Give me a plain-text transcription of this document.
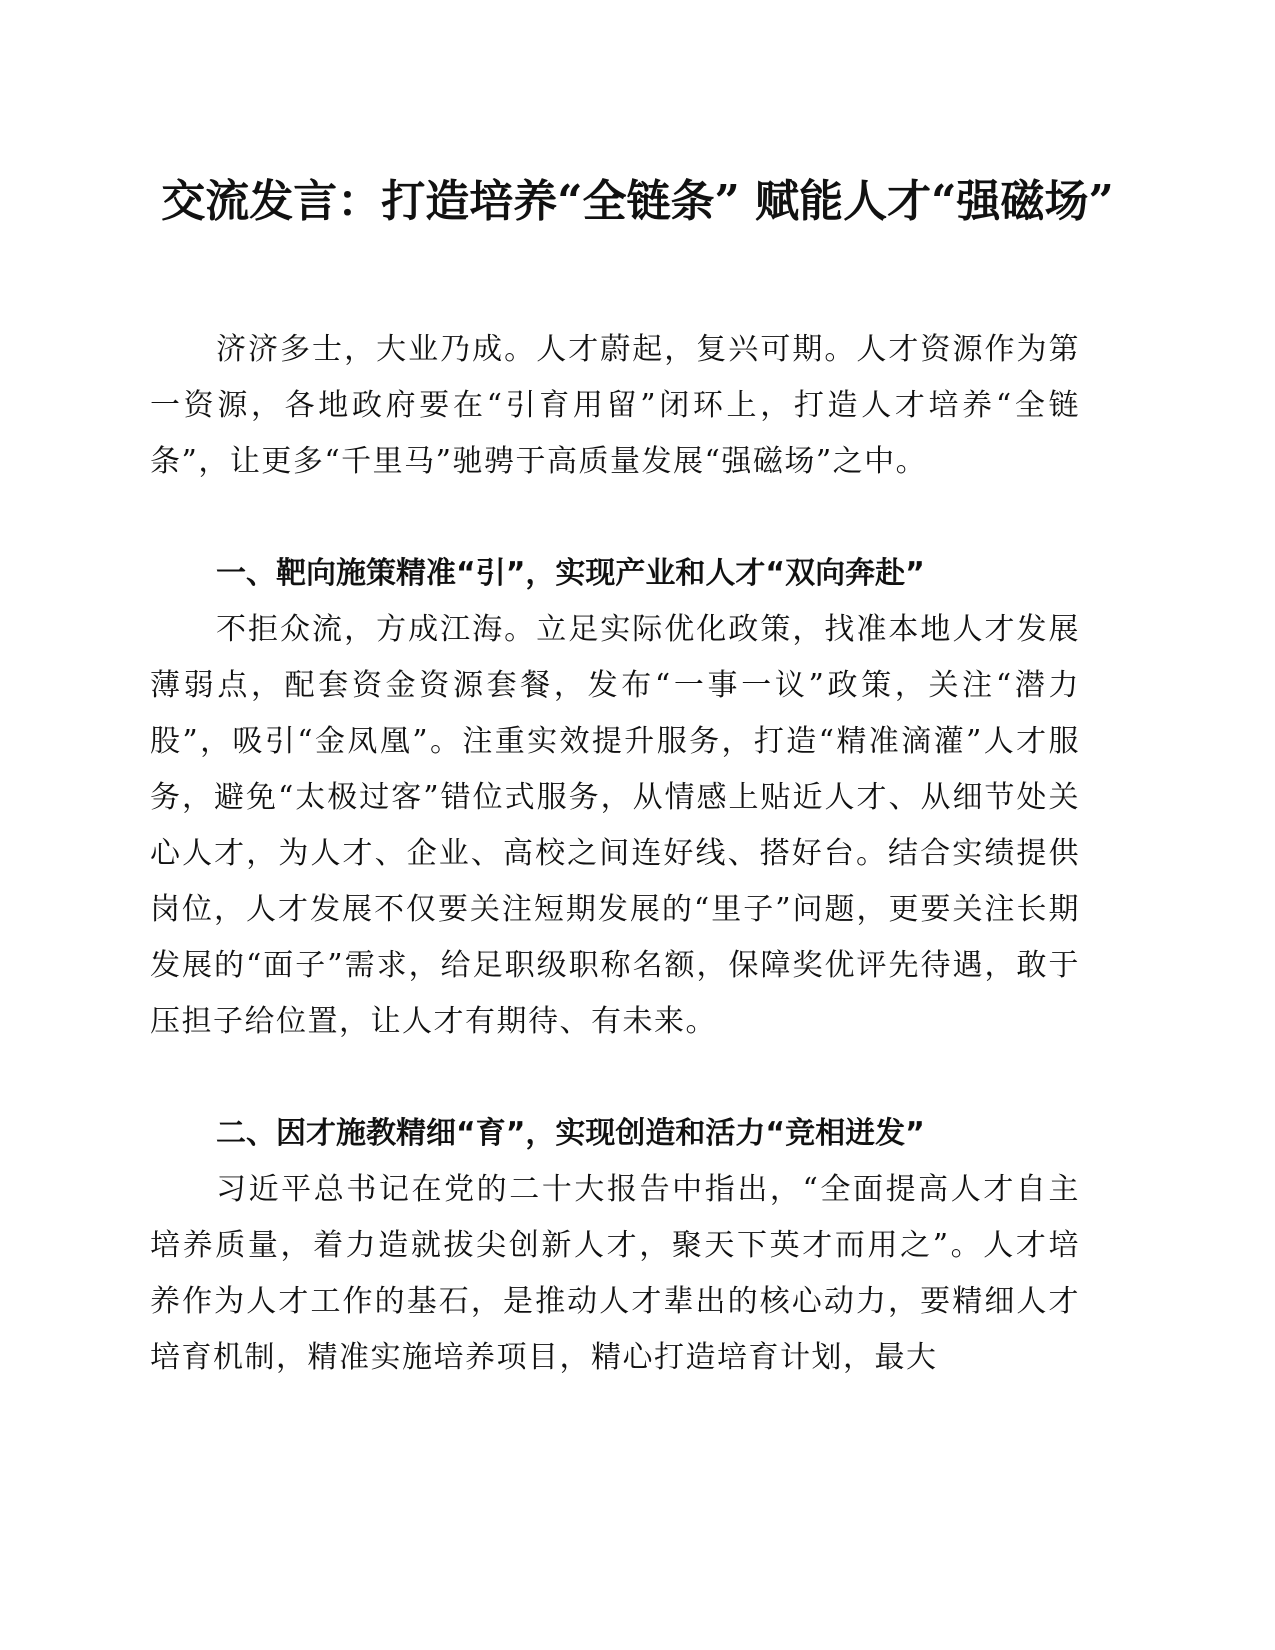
交流发言：打造培养“全链条” 赋能人才“强磁场”

济济多士，大业乃成。人才蔚起，复兴可期。人才资源作为第一资源，各地政府要在“引育用留”闭环上，打造人才培养“全链条”，让更多“千里马”驰骋于高质量发展“强磁场”之中。

一、靶向施策精准“引”，实现产业和人才“双向奔赴”

不拒众流，方成江海。立足实际优化政策，找准本地人才发展薄弱点，配套资金资源套餐，发布“一事一议”政策，关注“潜力股”，吸引“金凤凰”。注重实效提升服务，打造“精准滴灌”人才服务，避免“太极过客”错位式服务，从情感上贴近人才、从细节处关心人才，为人才、企业、高校之间连好线、搭好台。结合实绩提供岗位，人才发展不仅要关注短期发展的“里子”问题，更要关注长期发展的“面子”需求，给足职级职称名额，保障奖优评先待遇，敢于压担子给位置，让人才有期待、有未来。

二、因才施教精细“育”，实现创造和活力“竞相迸发”

习近平总书记在党的二十大报告中指出，“全面提高人才自主培养质量，着力造就拔尖创新人才，聚天下英才而用之”。人才培养作为人才工作的基石，是推动人才辈出的核心动力，要精细人才培育机制，精准实施培养项目，精心打造培育计划，最大
